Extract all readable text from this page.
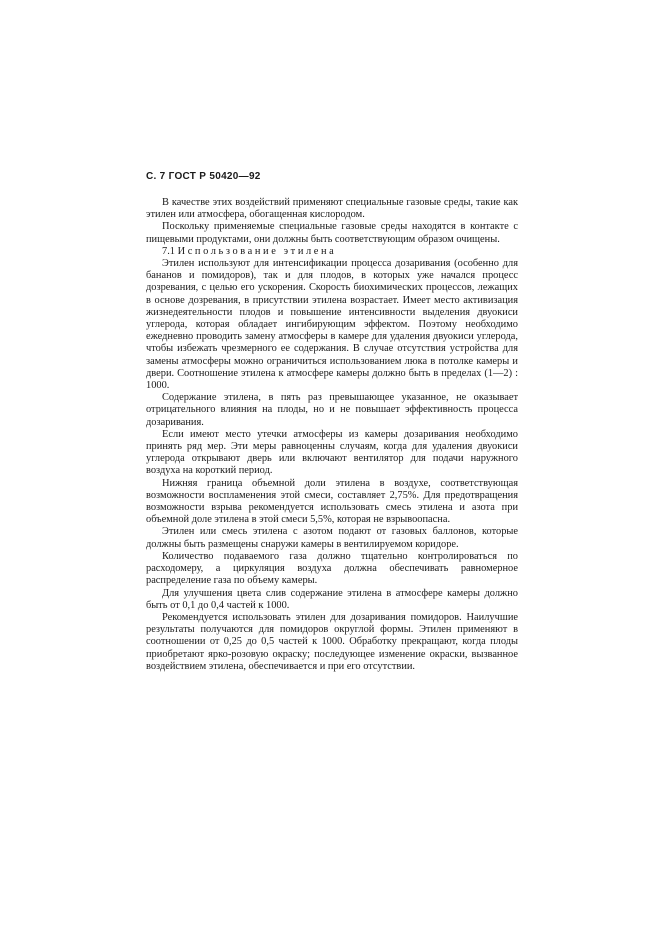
С. 7 ГОСТ Р 50420—92

В качестве этих воздействий применяют специальные газовые среды, такие как этилен или атмосфера, обогащенная кислородом.

Поскольку применяемые специальные газовые среды находятся в контакте с пищевыми продуктами, они должны быть соответствующим образом очищены.

7.1 Использование этилена

Этилен используют для интенсификации процесса дозаривания (особенно для бананов и помидоров), так и для плодов, в которых уже начался процесс дозревания, с целью его ускорения. Скорость биохимических процессов, лежащих в основе дозревания, в присутствии этилена возрастает. Имеет место активизация жизнедеятельности плодов и повышение интенсивности выделения двуокиси углерода, которая обладает ингибирующим эффектом. Поэтому необходимо ежедневно проводить замену атмосферы в камере для удаления двуокиси углерода, чтобы избежать чрезмерного ее содержания. В случае отсутствия устройства для замены атмосферы можно ограничиться использованием люка в потолке камеры и двери. Соотношение этилена к атмосфере камеры должно быть в пределах (1—2) : 1000.

Содержание этилена, в пять раз превышающее указанное, не оказывает отрицательного влияния на плоды, но и не повышает эффективность процесса дозаривания.

Если имеют место утечки атмосферы из камеры дозаривания необходимо принять ряд мер. Эти меры равноценны случаям, когда для удаления двуокиси углерода открывают дверь или включают вентилятор для подачи наружного воздуха на короткий период.

Нижняя граница объемной доли этилена в воздухе, соответствующая возможности воспламенения этой смеси, составляет 2,75%. Для предотвращения возможности взрыва рекомендуется использовать смесь этилена и азота при объемной доле этилена в этой смеси 5,5%, которая не взрывоопасна.

Этилен или смесь этилена с азотом подают от газовых баллонов, которые должны быть размещены снаружи камеры в вентилируемом коридоре.

Количество подаваемого газа должно тщательно контролироваться по расходомеру, а циркуляция воздуха должна обеспечивать равномерное распределение газа по объему камеры.

Для улучшения цвета слив содержание этилена в атмосфере камеры должно быть от 0,1 до 0,4 частей к 1000.

Рекомендуется использовать этилен для дозаривания помидоров. Наилучшие результаты получаются для помидоров округлой формы. Этилен применяют в соотношении от 0,25 до 0,5 частей к 1000. Обработку прекращают, когда плоды приобретают ярко-розовую окраску; последующее изменение окраски, вызванное воздействием этилена, обеспечивается и при его отсутствии.
